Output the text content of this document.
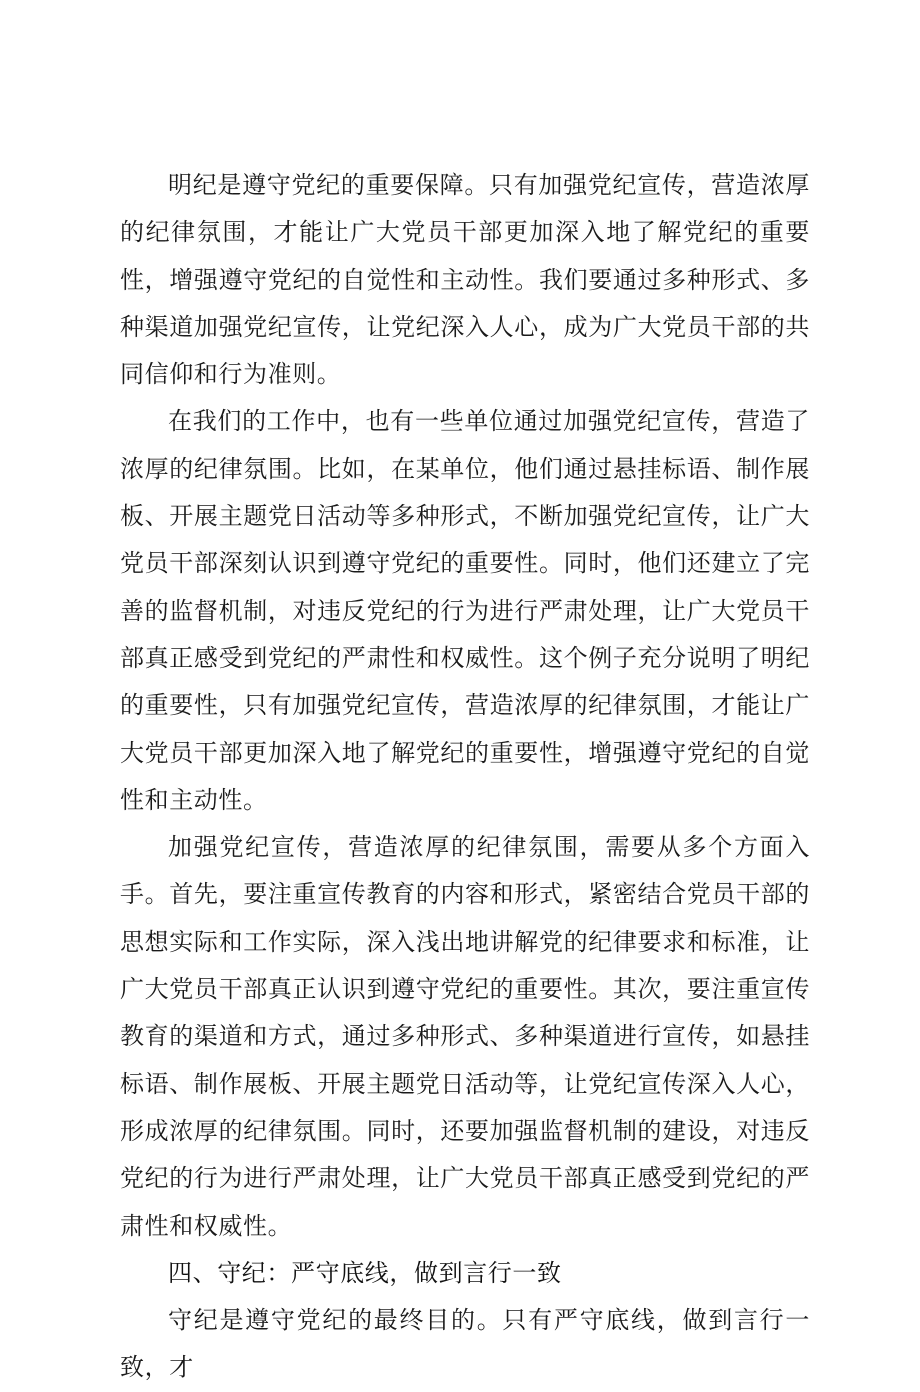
明纪是遵守党纪的重要保障。只有加强党纪宣传，营造浓厚的纪律氛围，才能让广大党员干部更加深入地了解党纪的重要性，增强遵守党纪的自觉性和主动性。我们要通过多种形式、多种渠道加强党纪宣传，让党纪深入人心，成为广大党员干部的共同信仰和行为准则。

在我们的工作中，也有一些单位通过加强党纪宣传，营造了浓厚的纪律氛围。比如，在某单位，他们通过悬挂标语、制作展板、开展主题党日活动等多种形式，不断加强党纪宣传，让广大党员干部深刻认识到遵守党纪的重要性。同时，他们还建立了完善的监督机制，对违反党纪的行为进行严肃处理，让广大党员干部真正感受到党纪的严肃性和权威性。这个例子充分说明了明纪的重要性，只有加强党纪宣传，营造浓厚的纪律氛围，才能让广大党员干部更加深入地了解党纪的重要性，增强遵守党纪的自觉性和主动性。

加强党纪宣传，营造浓厚的纪律氛围，需要从多个方面入手。首先，要注重宣传教育的内容和形式，紧密结合党员干部的思想实际和工作实际，深入浅出地讲解党的纪律要求和标准，让广大党员干部真正认识到遵守党纪的重要性。其次，要注重宣传教育的渠道和方式，通过多种形式、多种渠道进行宣传，如悬挂标语、制作展板、开展主题党日活动等，让党纪宣传深入人心，形成浓厚的纪律氛围。同时，还要加强监督机制的建设，对违反党纪的行为进行严肃处理，让广大党员干部真正感受到党纪的严肃性和权威性。

四、守纪：严守底线，做到言行一致

守纪是遵守党纪的最终目的。只有严守底线，做到言行一致，才
